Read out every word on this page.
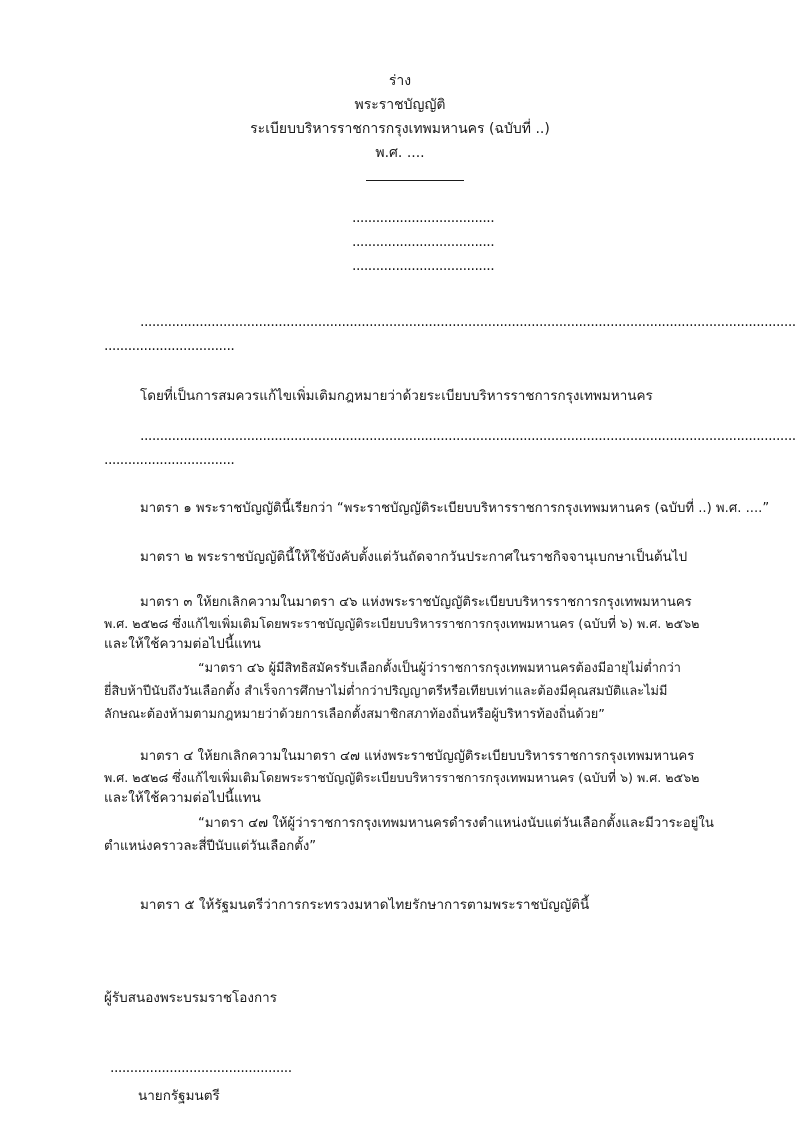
ร่าง
พระราชบัญญัติ
ระเบียบบริหารราชการกรุงเทพมหานคร (ฉบับที่ ..)
พ.ศ. ....
....................................
....................................
....................................
......................................................................................................................................................................
.................................
โดยที่เป็นการสมควรแก้ไขเพิ่มเติมกฎหมายว่าด้วยระเบียบบริหารราชการกรุงเทพมหานคร
......................................................................................................................................................................
.................................
มาตรา ๑ พระราชบัญญัตินี้เรียกว่า “พระราชบัญญัติระเบียบบริหารราชการกรุงเทพมหานคร (ฉบับที่ ..) พ.ศ. ....”
มาตรา ๒ พระราชบัญญัตินี้ให้ใช้บังคับตั้งแต่วันถัดจากวันประกาศในราชกิจจานุเบกษาเป็นต้นไป

มาตรา ๓ ให้ยกเลิกความในมาตรา ๔๖ แห่งพระราชบัญญัติระเบียบบริหารราชการกรุงเทพมหานคร

พ.ศ. ๒๕๒๘ ซึ่งแก้ไขเพิ่มเติมโดยพระราชบัญญัติระเบียบบริหารราชการกรุงเทพมหานคร (ฉบับที่ ๖) พ.ศ. ๒๕๖๒

และให้ใช้ความต่อไปนี้แทน

“มาตรา ๔๖ ผู้มีสิทธิสมัครรับเลือกตั้งเป็นผู้ว่าราชการกรุงเทพมหานครต้องมีอายุไม่ต่ำกว่า

ยี่สิบห้าปีนับถึงวันเลือกตั้ง สำเร็จการศึกษาไม่ต่ำกว่าปริญญาตรีหรือเทียบเท่าและต้องมีคุณสมบัติและไม่มี

ลักษณะต้องห้ามตามกฎหมายว่าด้วยการเลือกตั้งสมาชิกสภาท้องถิ่นหรือผู้บริหารท้องถิ่นด้วย”

มาตรา ๔ ให้ยกเลิกความในมาตรา ๔๗ แห่งพระราชบัญญัติระเบียบบริหารราชการกรุงเทพมหานคร

พ.ศ. ๒๕๒๘ ซึ่งแก้ไขเพิ่มเติมโดยพระราชบัญญัติระเบียบบริหารราชการกรุงเทพมหานคร (ฉบับที่ ๖) พ.ศ. ๒๕๖๒

และให้ใช้ความต่อไปนี้แทน

“มาตรา ๔๗ ให้ผู้ว่าราชการกรุงเทพมหานครดำรงตำแหน่งนับแต่วันเลือกตั้งและมีวาระอยู่ใน

ตำแหน่งคราวละสี่ปีนับแต่วันเลือกตั้ง”

มาตรา ๕ ให้รัฐมนตรีว่าการกระทรวงมหาดไทยรักษาการตามพระราชบัญญัตินี้
ผู้รับสนองพระบรมราชโองการ
..............................................
นายกรัฐมนตรี
